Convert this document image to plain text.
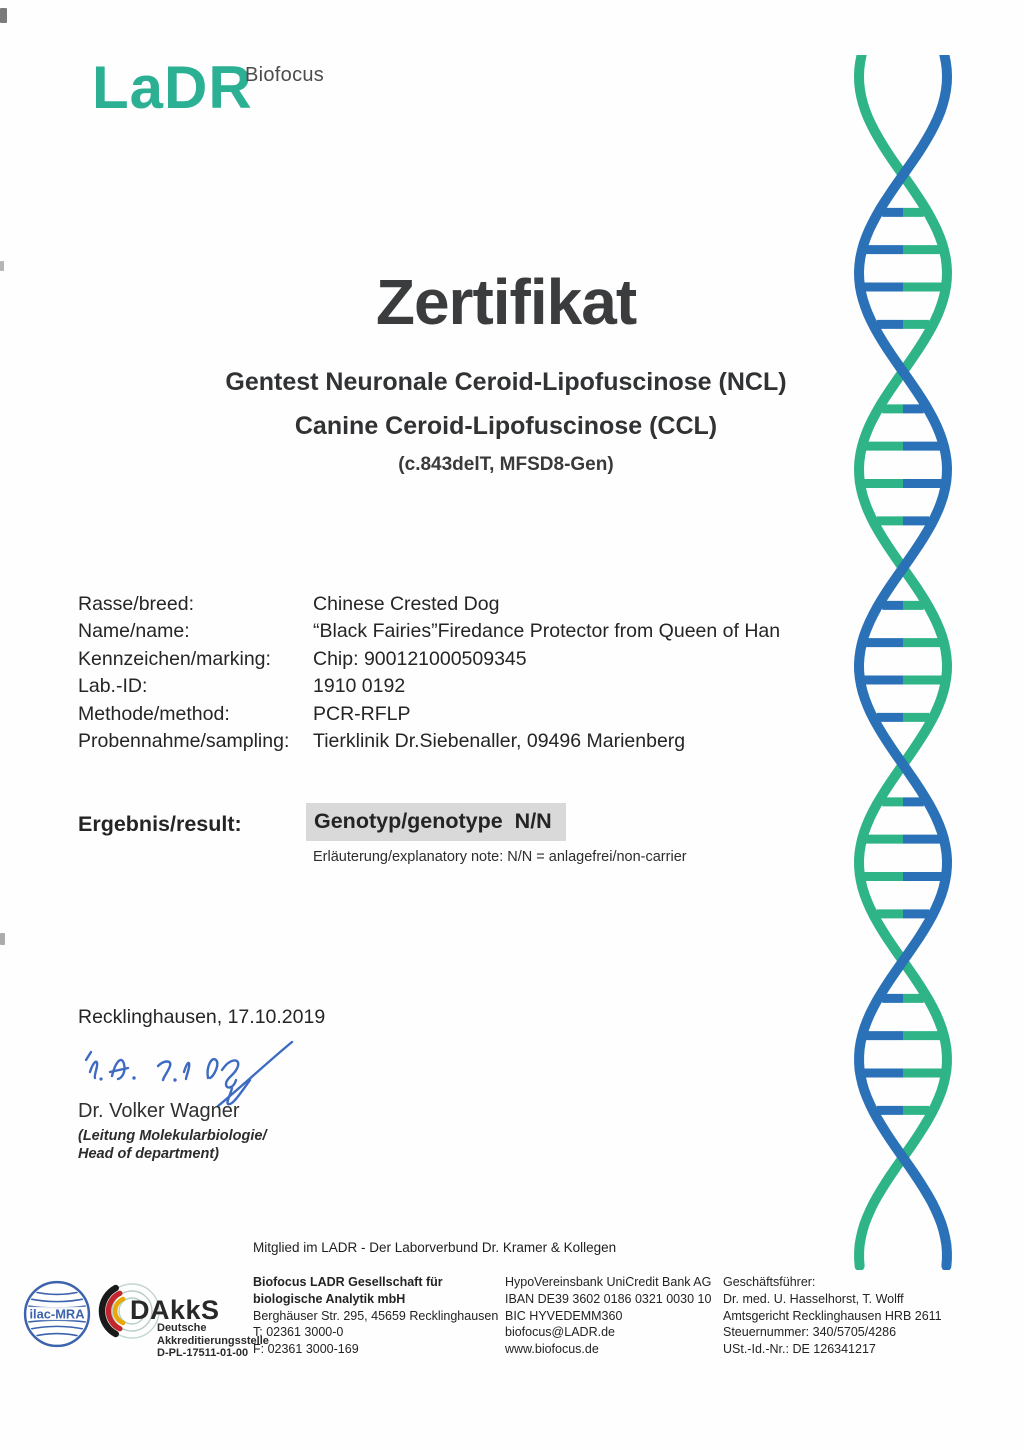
LaDR
Biofocus
Zertifikat
Gentest Neuronale Ceroid-Lipofuscinose (NCL)
Canine Ceroid-Lipofuscinose (CCL)
(c.843delT, MFSD8-Gen)
Rasse/breed:	Chinese Crested Dog
Name/name:	“Black Fairies”Firedance Protector from Queen of Han
Kennzeichen/marking:	Chip: 900121000509345
Lab.-ID:	1910 0192
Methode/method:	PCR-RFLP
Probennahme/sampling:	Tierklinik Dr.Siebenaller, 09496 Marienberg
Ergebnis/result:	Genotyp/genotype  N/N
Erläuterung/explanatory note: N/N = anlagefrei/non-carrier
Recklinghausen, 17.10.2019
Dr. Volker Wagner
(Leitung Molekularbiologie/
Head of department)
Mitglied im LADR - Der Laborverbund Dr. Kramer & Kollegen
ilac-MRA DAkkS
Deutsche
Akkreditierungsstelle
D-PL-17511-01-00
Biofocus LADR Gesellschaft für
biologische Analytik mbH
Berghäuser Str. 295, 45659 Recklinghausen
T: 02361 3000-0
F: 02361 3000-169
HypoVereinsbank UniCredit Bank AG
IBAN DE39 3602 0186 0321 0030 10
BIC HYVEDEMM360
biofocus@LADR.de
www.biofocus.de
Geschäftsführer:
Dr. med. U. Hasselhorst, T. Wolff
Amtsgericht Recklinghausen HRB 2611
Steuernummer: 340/5705/4286
USt.-Id.-Nr.: DE 126341217
